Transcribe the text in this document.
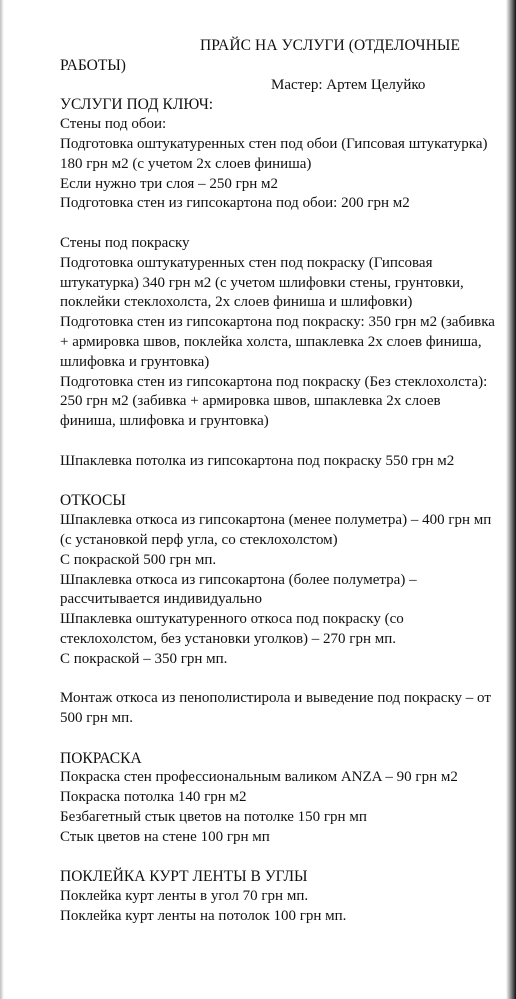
ПРАЙС НА УСЛУГИ (ОТДЕЛОЧНЫЕ
РАБОТЫ)
Мастер: Артем Целуйко
УСЛУГИ ПОД КЛЮЧ:
Стены под обои:
Подготовка оштукатуренных стен под обои (Гипсовая штукатурка) 180 грн м2 (с учетом 2х слоев финиша)
Если нужно три слоя – 250 грн м2
Подготовка стен из гипсокартона под обои: 200 грн м2
Стены под покраску
Подготовка оштукатуренных стен под покраску (Гипсовая штукатурка) 340 грн м2 (с учетом шлифовки стены, грунтовки, поклейки стеклохолста, 2х слоев финиша и шлифовки)
Подготовка стен из гипсокартона под покраску: 350 грн м2 (забивка + армировка швов, поклейка холста, шпаклевка 2х слоев финиша, шлифовка и грунтовка)
Подготовка стен из гипсокартона под покраску (Без стеклохолста): 250 грн м2 (забивка + армировка швов, шпаклевка 2х слоев финиша, шлифовка и грунтовка)
Шпаклевка потолка из гипсокартона под покраску 550 грн м2
ОТКОСЫ
Шпаклевка откоса из гипсокартона (менее полуметра) – 400 грн мп (с установкой перф угла, со стеклохолстом)
С покраской 500 грн мп.
Шпаклевка откоса из гипсокартона (более полуметра) – рассчитывается индивидуально
Шпаклевка оштукатуренного откоса под покраску (со стеклохолстом, без установки уголков) – 270 грн мп.
С покраской – 350 грн мп.
Монтаж откоса из пенополистирола и выведение под покраску – от 500 грн мп.
ПОКРАСКА
Покраска стен профессиональным валиком ANZA – 90 грн м2
Покраска потолка 140 грн м2
Безбагетный стык цветов на потолке 150 грн мп
Стык цветов на стене 100 грн мп
ПОКЛЕЙКА КУРТ ЛЕНТЫ В УГЛЫ
Поклейка курт ленты в угол 70 грн мп.
Поклейка курт ленты на потолок 100 грн мп.
